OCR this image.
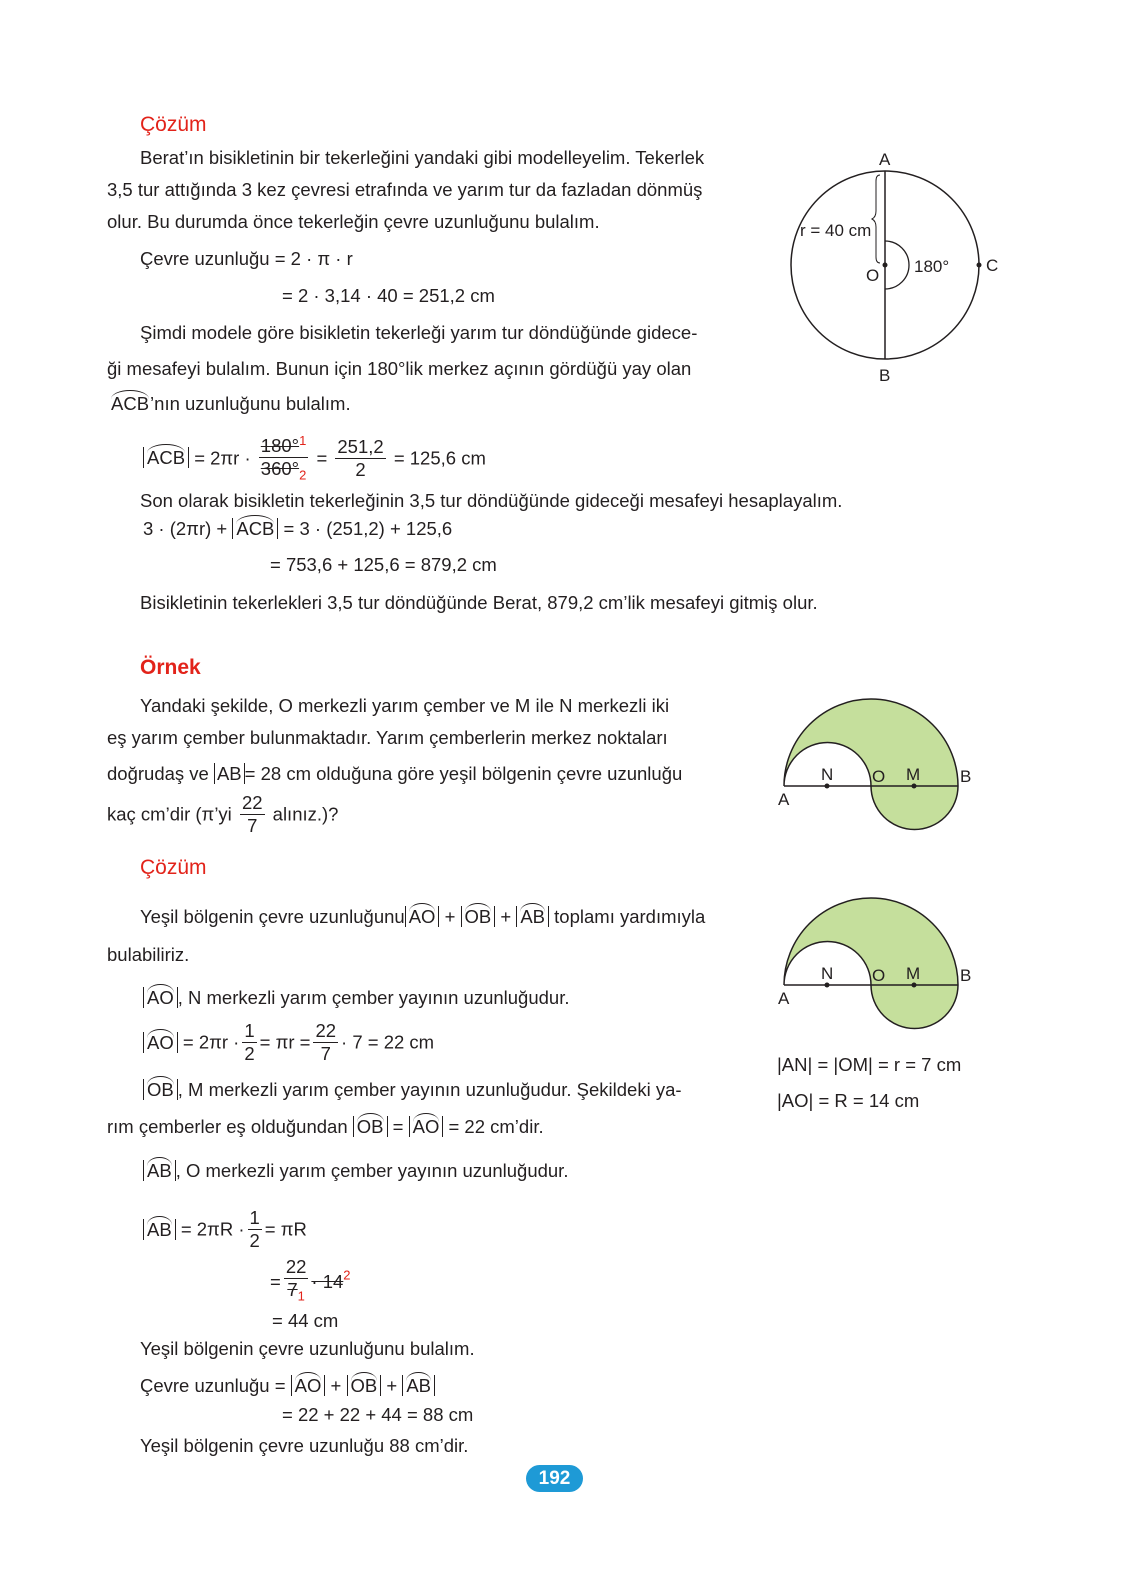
Çözüm
Berat’ın bisikletinin bir tekerleğini yandaki gibi modelleyelim. Tekerlek
3,5 tur attığında 3 kez çevresi etrafında ve yarım tur da fazladan dönmüş
olur. Bu durumda önce tekerleğin çevre uzunluğunu bulalım.
Çevre uzunluğu = 2 · π · r
= 2 · 3,14 · 40 = 251,2 cm
Şimdi modele göre bisikletin tekerleği yarım tur döndüğünde gidece-
ği mesafeyi bulalım. Bunun için 180°lik merkez açının gördüğü yay olan
ACB’nın uzunluğunu bulalım.
ACB = $2\pi r \cdot \frac{180^\circ^1}{360^\circ_2} = \frac{251,2}{2} = 125,6$ cm
Son olarak bisikletin tekerleğinin 3,5 tur döndüğünde gideceği mesafeyi hesaplayalım.
3 · (2πr) + ACB = 3 · (251,2) + 125,6
= 753,6 + 125,6 = 879,2 cm
Bisikletinin tekerlekleri 3,5 tur döndüğünde Berat, 879,2 cm’lik mesafeyi gitmiş olur.
A
B
C
O
r = 40 cm
180°
Örnek
Yandaki şekilde, O merkezli yarım çember ve M ile N merkezli iki
eş yarım çember bulunmaktadır. Yarım çemberlerin merkez noktaları
doğrudaş ve AB = 28 cm olduğuna göre yeşil bölgenin çevre uzunluğu
kaç cm’dir (π’yi $\frac{22}{7}$ alınız.)?
A
N O M B
Çözüm
Yeşil bölgenin çevre uzunluğunu AO + OB + AB toplamı yardımıyla
bulabiliriz.
AO , N merkezli yarım çember yayının uzunluğudur.
AO = $2\pi r \cdot \frac{1}{2} = \pi r = \frac{22}{7} \cdot 7 = 22$ cm
OB , M merkezli yarım çember yayının uzunluğudur. Şekildeki ya-
rım çemberler eş olduğundan OB = AO = 22 cm’dir.
AB , O merkezli yarım çember yayının uzunluğudur.
AB = $2\pi R \cdot \frac{1}{2} = \pi R$
= $\frac{22}{7_1} \cdot 14^2$
= 44 cm
Yeşil bölgenin çevre uzunluğunu bulalım.
Çevre uzunluğu = AO + OB + AB
= 22 + 22 + 44 = 88 cm
Yeşil bölgenin çevre uzunluğu 88 cm’dir.
A
N O M B
|AN| = |OM| = r = 7 cm
|AO| = R = 14 cm
192
